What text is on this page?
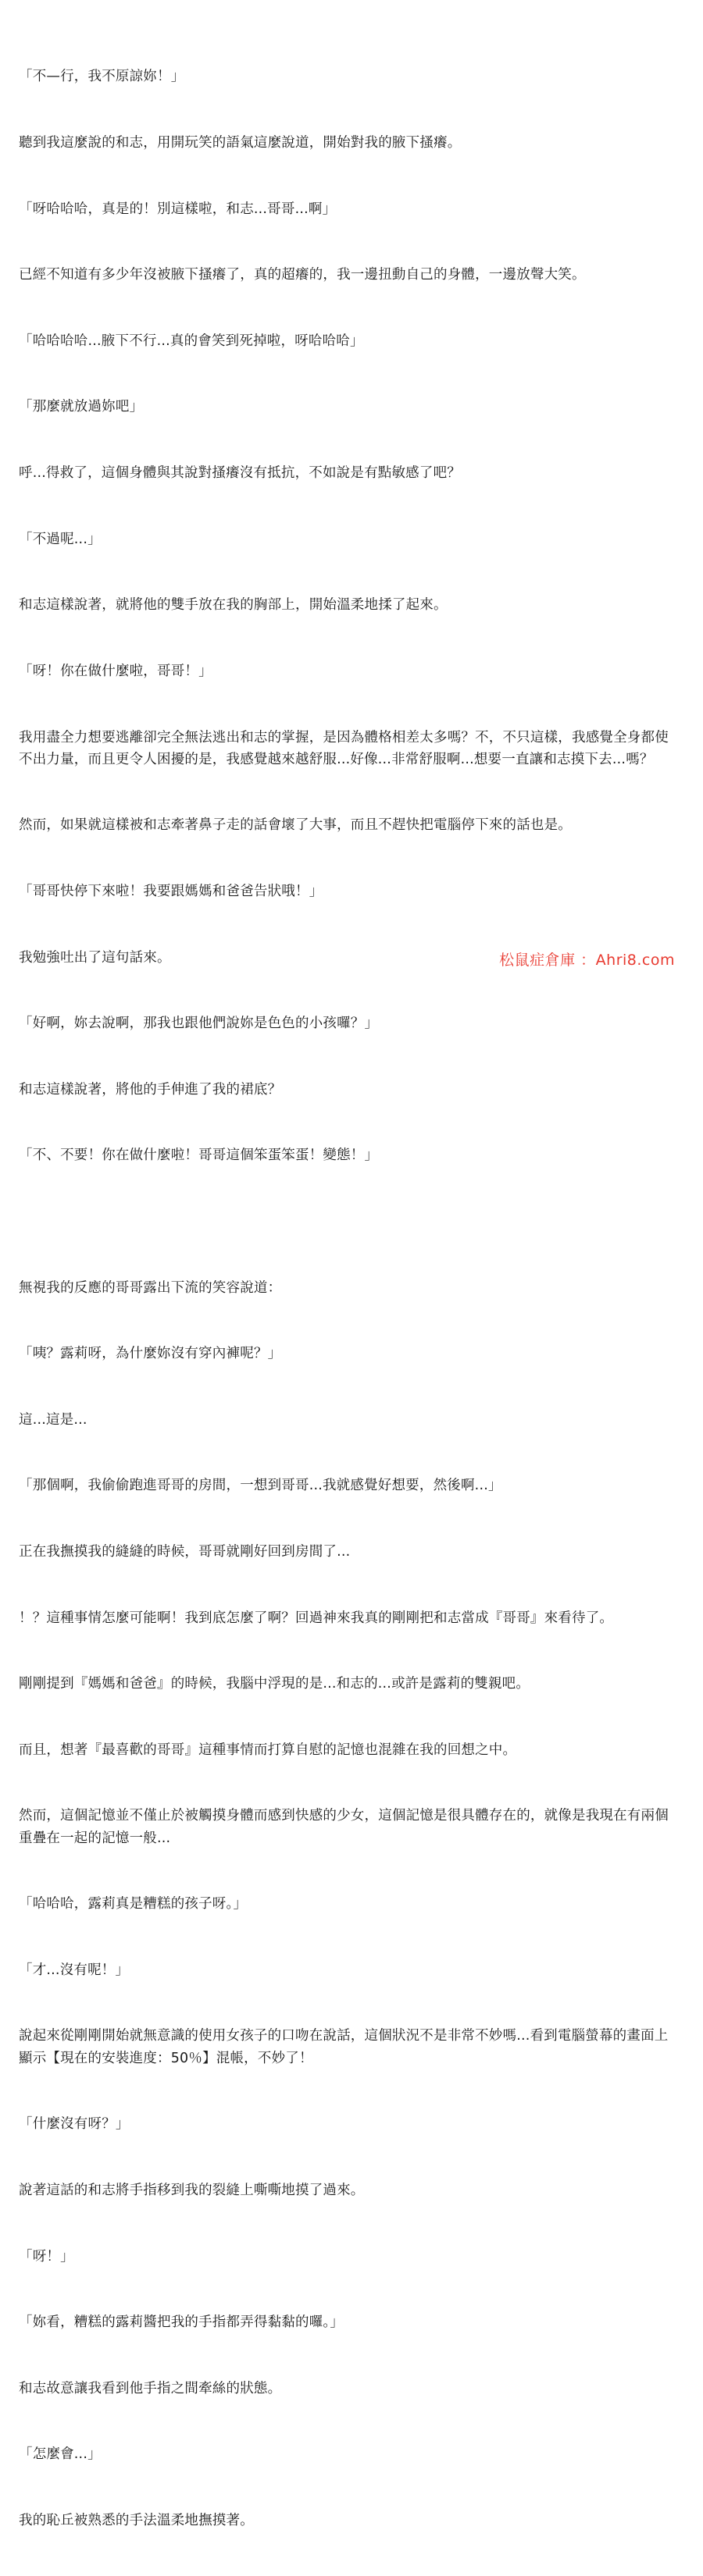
「不—行，我不原諒妳！」

聽到我這麼說的和志，用開玩笑的語氣這麼說道，開始對我的腋下搔癢。

「呀哈哈哈，真是的！別這樣啦，和志...哥哥...啊」

已經不知道有多少年沒被腋下搔癢了，真的超癢的，我一邊扭動自己的身體，一邊放聲大笑。

「哈哈哈哈...腋下不行...真的會笑到死掉啦，呀哈哈哈」

「那麼就放過妳吧」

呼...得救了，這個身體與其說對搔癢沒有抵抗，不如說是有點敏感了吧？

「不過呢...」

和志這樣說著，就將他的雙手放在我的胸部上，開始溫柔地揉了起來。

「呀！你在做什麼啦，哥哥！」

我用盡全力想要逃離卻完全無法逃出和志的掌握，是因為體格相差太多嗎？不，不只這樣，我感覺全身都使不出力量，而且更令人困擾的是，我感覺越來越舒服...好像...非常舒服啊...想要一直讓和志摸下去...嗎？

然而，如果就這樣被和志牽著鼻子走的話會壞了大事，而且不趕快把電腦停下來的話也是。

「哥哥快停下來啦！我要跟媽媽和爸爸告狀哦！」

我勉強吐出了這句話來。

「好啊，妳去說啊，那我也跟他們說妳是色色的小孩囉？」

和志這樣說著，將他的手伸進了我的裙底？

「不、不要！你在做什麼啦！哥哥這個笨蛋笨蛋！變態！」

無視我的反應的哥哥露出下流的笑容說道：

「咦？露莉呀，為什麼妳沒有穿內褲呢？」

這...這是...

「那個啊，我偷偷跑進哥哥的房間，一想到哥哥...我就感覺好想要，然後啊...」

正在我撫摸我的縫縫的時候，哥哥就剛好回到房間了...

！？這種事情怎麼可能啊！我到底怎麼了啊？回過神來我真的剛剛把和志當成『哥哥』來看待了。

剛剛提到『媽媽和爸爸』的時候，我腦中浮現的是...和志的...或許是露莉的雙親吧。

而且，想著『最喜歡的哥哥』這種事情而打算自慰的記憶也混雜在我的回想之中。

然而，這個記憶並不僅止於被觸摸身體而感到快感的少女，這個記憶是很具體存在的，就像是我現在有兩個重疊在一起的記憶一般...

「哈哈哈，露莉真是糟糕的孩子呀。」

「才...沒有呢！」

說起來從剛剛開始就無意識的使用女孩子的口吻在說話，這個狀況不是非常不妙嗎...看到電腦螢幕的畫面上顯示【現在的安裝進度：50％】混帳，不妙了！

「什麼沒有呀？」

說著這話的和志將手指移到我的裂縫上嘶嘶地摸了過來。

「呀！」

「妳看，糟糕的露莉醬把我的手指都弄得黏黏的囉。」

和志故意讓我看到他手指之間牽絲的狀態。

「怎麼會...」

我的恥丘被熟悉的手法溫柔地撫摸著。

松鼠症倉庫 ：Ahri8.com
